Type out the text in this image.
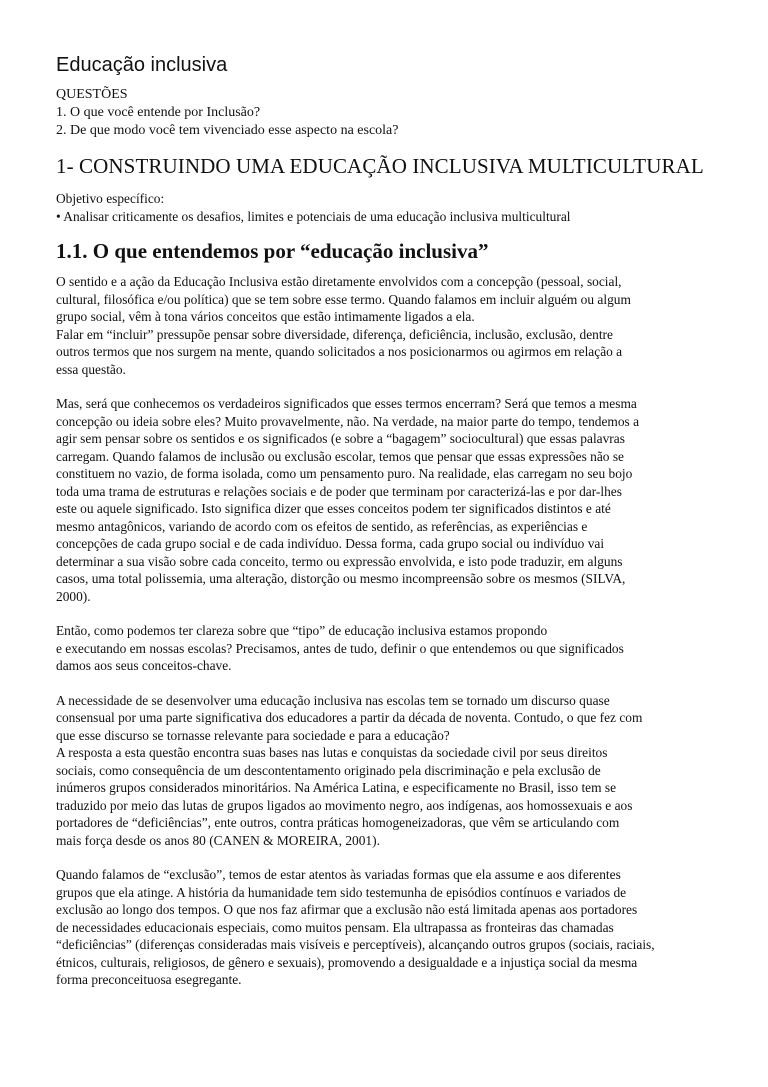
Educação inclusiva
QUESTÕES
1. O que você entende por Inclusão?
2. De que modo você tem vivenciado esse aspecto na escola?
1- CONSTRUINDO UMA EDUCAÇÃO INCLUSIVA MULTICULTURAL
Objetivo específico:
• Analisar criticamente os desafios, limites e potenciais de uma educação inclusiva multicultural
1.1. O que entendemos por “educação inclusiva”

O sentido e a ação da Educação Inclusiva estão diretamente envolvidos com a concepção (pessoal, social,
cultural, filosófica e/ou política) que se tem sobre esse termo. Quando falamos em incluir alguém ou algum
grupo social, vêm à tona vários conceitos que estão intimamente ligados a ela.
Falar em “incluir” pressupõe pensar sobre diversidade, diferença, deficiência, inclusão, exclusão, dentre
outros termos que nos surgem na mente, quando solicitados a nos posicionarmos ou agirmos em relação a
essa questão.

Mas, será que conhecemos os verdadeiros significados que esses termos encerram? Será que temos a mesma
concepção ou ideia sobre eles? Muito provavelmente, não. Na verdade, na maior parte do tempo, tendemos a
agir sem pensar sobre os sentidos e os significados (e sobre a “bagagem” sociocultural) que essas palavras
carregam. Quando falamos de inclusão ou exclusão escolar, temos que pensar que essas expressões não se
constituem no vazio, de forma isolada, como um pensamento puro. Na realidade, elas carregam no seu bojo
toda uma trama de estruturas e relações sociais e de poder que terminam por caracterizá-las e por dar-lhes
este ou aquele significado. Isto significa dizer que esses conceitos podem ter significados distintos e até
mesmo antagônicos, variando de acordo com os efeitos de sentido, as referências, as experiências e
concepções de cada grupo social e de cada indivíduo. Dessa forma, cada grupo social ou indivíduo vai
determinar a sua visão sobre cada conceito, termo ou expressão envolvida, e isto pode traduzir, em alguns
casos, uma total polissemia, uma alteração, distorção ou mesmo incompreensão sobre os mesmos (SILVA,
2000).

Então, como podemos ter clareza sobre que “tipo” de educação inclusiva estamos propondo
e executando em nossas escolas? Precisamos, antes de tudo, definir o que entendemos ou que significados
damos aos seus conceitos-chave.

A necessidade de se desenvolver uma educação inclusiva nas escolas tem se tornado um discurso quase
consensual por uma parte significativa dos educadores a partir da década de noventa. Contudo, o que fez com
que esse discurso se tornasse relevante para sociedade e para a educação?
A resposta a esta questão encontra suas bases nas lutas e conquistas da sociedade civil por seus direitos
sociais, como consequência de um descontentamento originado pela discriminação e pela exclusão de
inúmeros grupos considerados minoritários. Na América Latina, e especificamente no Brasil, isso tem se
traduzido por meio das lutas de grupos ligados ao movimento negro, aos indígenas, aos homossexuais e aos
portadores de “deficiências”, ente outros, contra práticas homogeneizadoras, que vêm se articulando com
mais força desde os anos 80 (CANEN & MOREIRA, 2001).

Quando falamos de “exclusão”, temos de estar atentos às variadas formas que ela assume e aos diferentes
grupos que ela atinge. A história da humanidade tem sido testemunha de episódios contínuos e variados de
exclusão ao longo dos tempos. O que nos faz afirmar que a exclusão não está limitada apenas aos portadores
de necessidades educacionais especiais, como muitos pensam. Ela ultrapassa as fronteiras das chamadas
“deficiências” (diferenças consideradas mais visíveis e perceptíveis), alcançando outros grupos (sociais, raciais,
étnicos, culturais, religiosos, de gênero e sexuais), promovendo a desigualdade e a injustiça social da mesma
forma preconceituosa esegregante.
